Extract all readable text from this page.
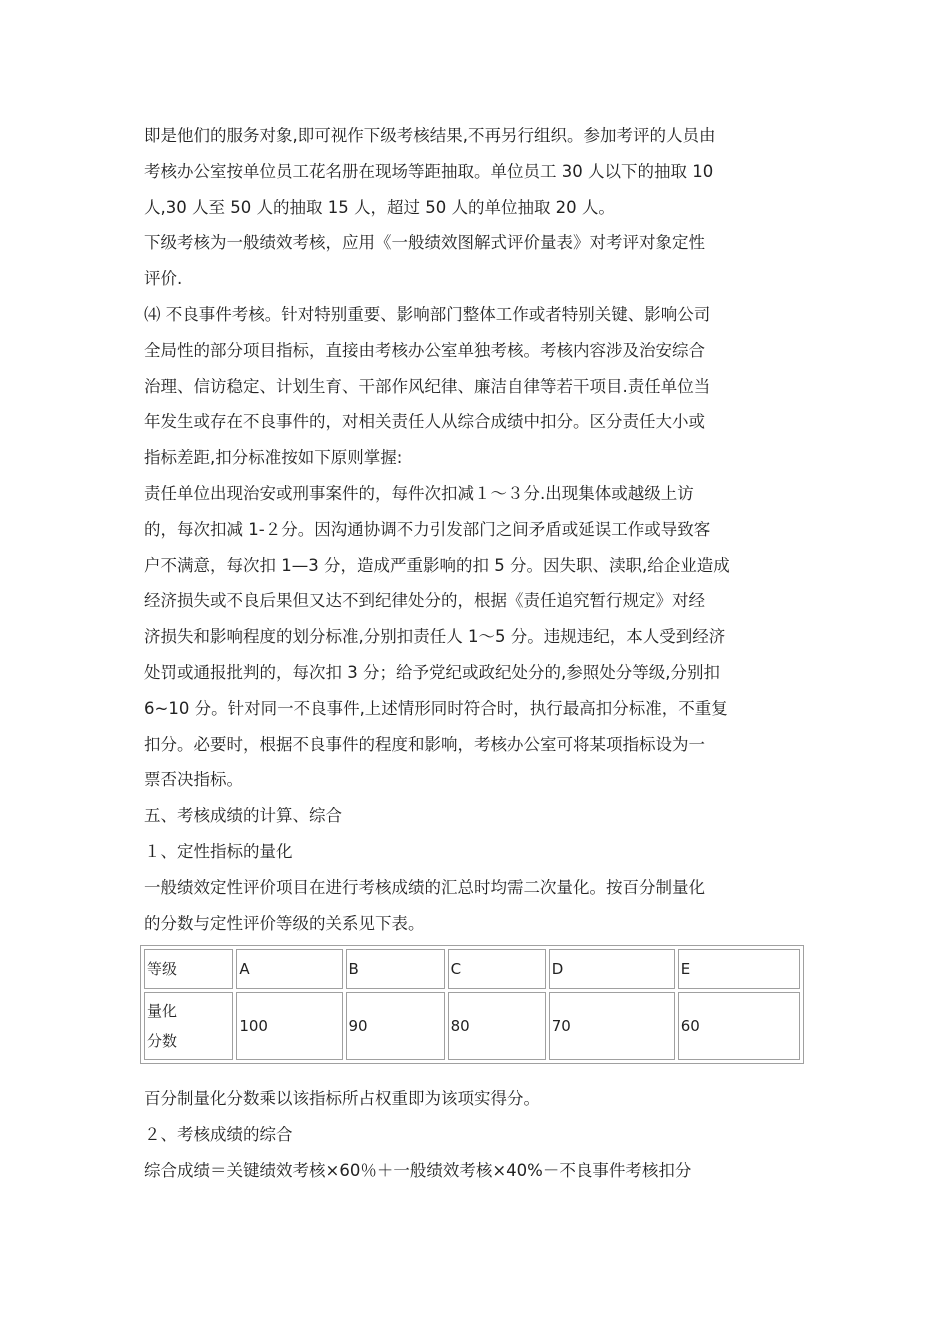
即是他们的服务对象,即可视作下级考核结果,不再另行组织。参加考评的人员由
考核办公室按单位员工花名册在现场等距抽取。单位员工 30 人以下的抽取 10
人,30 人至 50 人的抽取 15 人，超过 50 人的单位抽取 20 人。
下级考核为一般绩效考核，应用《一般绩效图解式评价量表》对考评对象定性
评价.
⑷ 不良事件考核。针对特别重要、影响部门整体工作或者特别关键、影响公司
全局性的部分项目指标，直接由考核办公室单独考核。考核内容涉及治安综合
治理、信访稳定、计划生育、干部作风纪律、廉洁自律等若干项目.责任单位当
年发生或存在不良事件的，对相关责任人从综合成绩中扣分。区分责任大小或
指标差距,扣分标准按如下原则掌握:
责任单位出现治安或刑事案件的，每件次扣减１～３分.出现集体或越级上访
的，每次扣减 1-２分。因沟通协调不力引发部门之间矛盾或延误工作或导致客
户不满意，每次扣 1—3 分，造成严重影响的扣 5 分。因失职、渎职,给企业造成
经济损失或不良后果但又达不到纪律处分的，根据《责任追究暂行规定》对经
济损失和影响程度的划分标准,分别扣责任人 1～5 分。违规违纪，本人受到经济
处罚或通报批判的，每次扣 3 分；给予党纪或政纪处分的,参照处分等级,分别扣
6~10 分。针对同一不良事件,上述情形同时符合时，执行最高扣分标准，不重复
扣分。必要时，根据不良事件的程度和影响，考核办公室可将某项指标设为一
票否决指标。
五、考核成绩的计算、综合
１、定性指标的量化
一般绩效定性评价项目在进行考核成绩的汇总时均需二次量化。按百分制量化
的分数与定性评价等级的关系见下表。

等级	A	B	C	D	E
量化
分数	100	90	80	70	60

百分制量化分数乘以该指标所占权重即为该项实得分。
２、考核成绩的综合
综合成绩＝关键绩效考核×60％＋一般绩效考核×40%－不良事件考核扣分
